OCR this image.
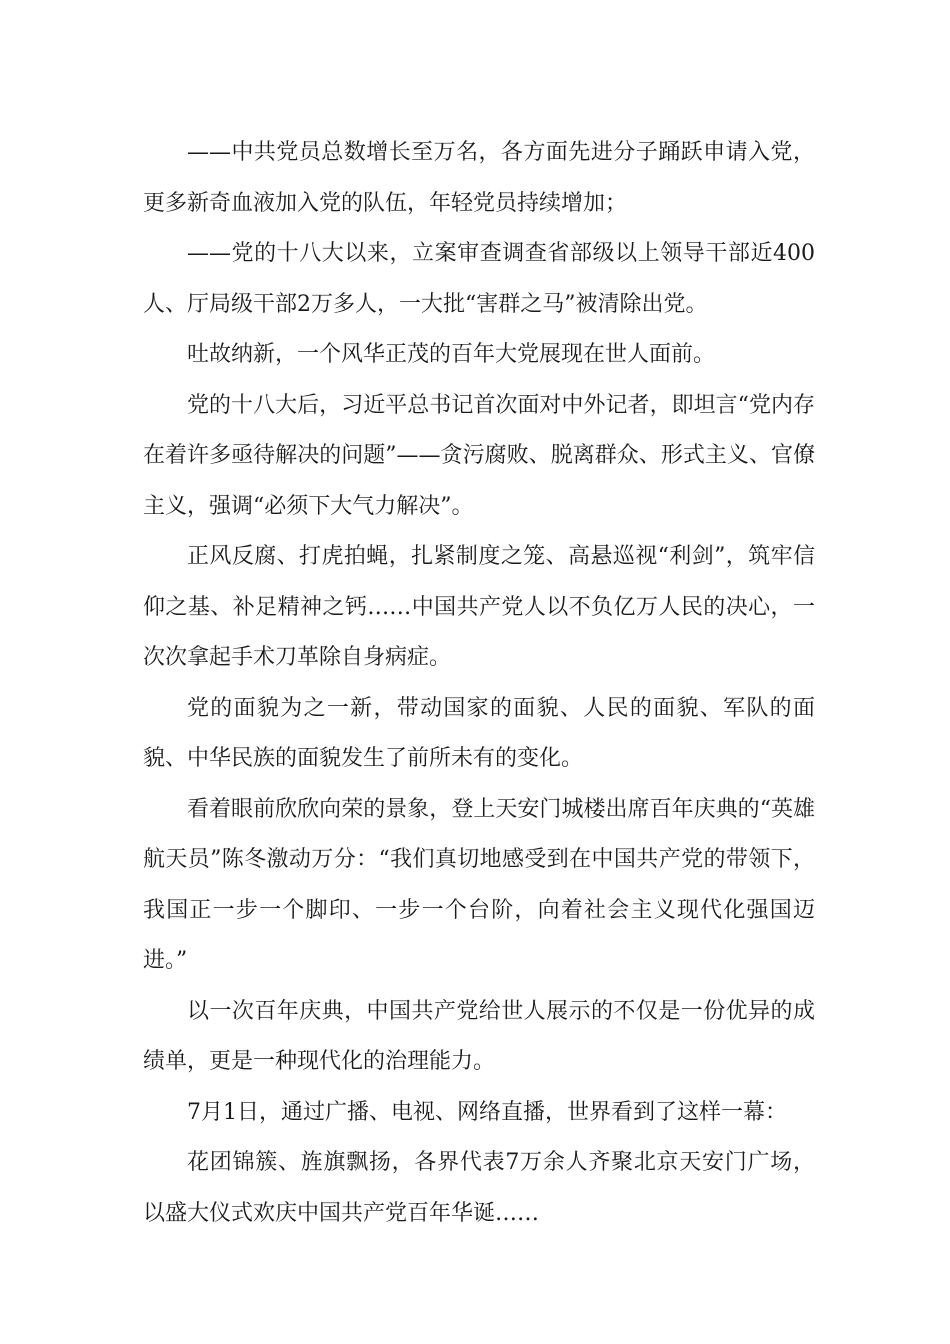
——中共党员总数增长至万名，各方面先进分子踊跃申请入党，更多新奇血液加入党的队伍，年轻党员持续增加；

——党的十八大以来，立案审查调查省部级以上领导干部近400人、厅局级干部2万多人，一大批“害群之马”被清除出党。

吐故纳新，一个风华正茂的百年大党展现在世人面前。

党的十八大后，习近平总书记首次面对中外记者，即坦言“党内存在着许多亟待解决的问题”——贪污腐败、脱离群众、形式主义、官僚主义，强调“必须下大气力解决”。

正风反腐、打虎拍蝇，扎紧制度之笼、高悬巡视“利剑”，筑牢信仰之基、补足精神之钙……中国共产党人以不负亿万人民的决心，一次次拿起手术刀革除自身病症。

党的面貌为之一新，带动国家的面貌、人民的面貌、军队的面貌、中华民族的面貌发生了前所未有的变化。

看着眼前欣欣向荣的景象，登上天安门城楼出席百年庆典的“英雄航天员”陈冬激动万分：“我们真切地感受到在中国共产党的带领下，我国正一步一个脚印、一步一个台阶，向着社会主义现代化强国迈进。”

以一次百年庆典，中国共产党给世人展示的不仅是一份优异的成绩单，更是一种现代化的治理能力。

7月1日，通过广播、电视、网络直播，世界看到了这样一幕：

花团锦簇、旌旗飘扬，各界代表7万余人齐聚北京天安门广场，以盛大仪式欢庆中国共产党百年华诞……
